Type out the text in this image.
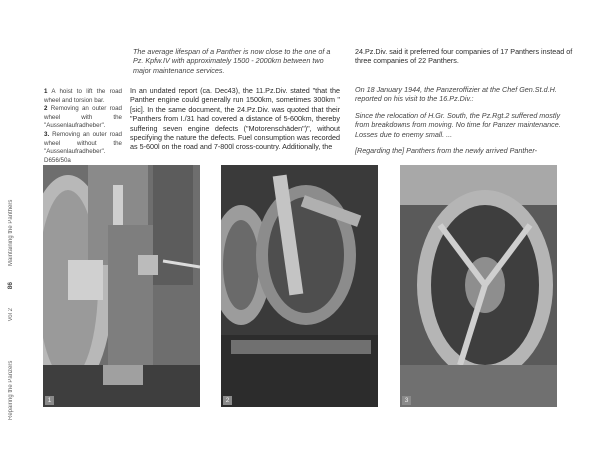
The average lifespan of a Panther is now close to the one of a Pz. Kpfw.IV with approximately 1500 - 2000km between two major maintenance services.
1 A hoist to lift the road wheel and torsion bar.
2 Removing an outer road wheel with the "Aussenlaufradheber".
3. Removing an outer road wheel without the "Aussenlaufradheber". D656/50a
In an undated report (ca. Dec43), the 11.Pz.Div. stated "that the Panther engine could generally run 1500km, sometimes 300km " [sic]. In the same document, the 24.Pz.Div. was quoted that their "Panthers from I./31 had covered a distance of 5-600km, thereby suffering seven engine defects ("Motorenschäden")", without specifying the nature the defects. Fuel consumption was recorded as 5-600l on the road and 7-800l cross-country. Additionally, the
24.Pz.Div. said it preferred four companies of 17 Panthers instead of three companies of 22 Panthers.

On 18 January 1944, the Panzeroffizier at the Chef Gen.St.d.H. reported on his visit to the 16.Pz.Div.:

Since the relocation of H.Gr. South, the Pz.Rgt.2 suffered mostly from breakdowns from moving. No time for Panzer maintenance. Losses due to enemy small. ...

[Regarding the] Panthers from the newly arrived Panther-

1	2	3
Maintaining the Panthers
86
Vol 2
Repairing the Panzers
